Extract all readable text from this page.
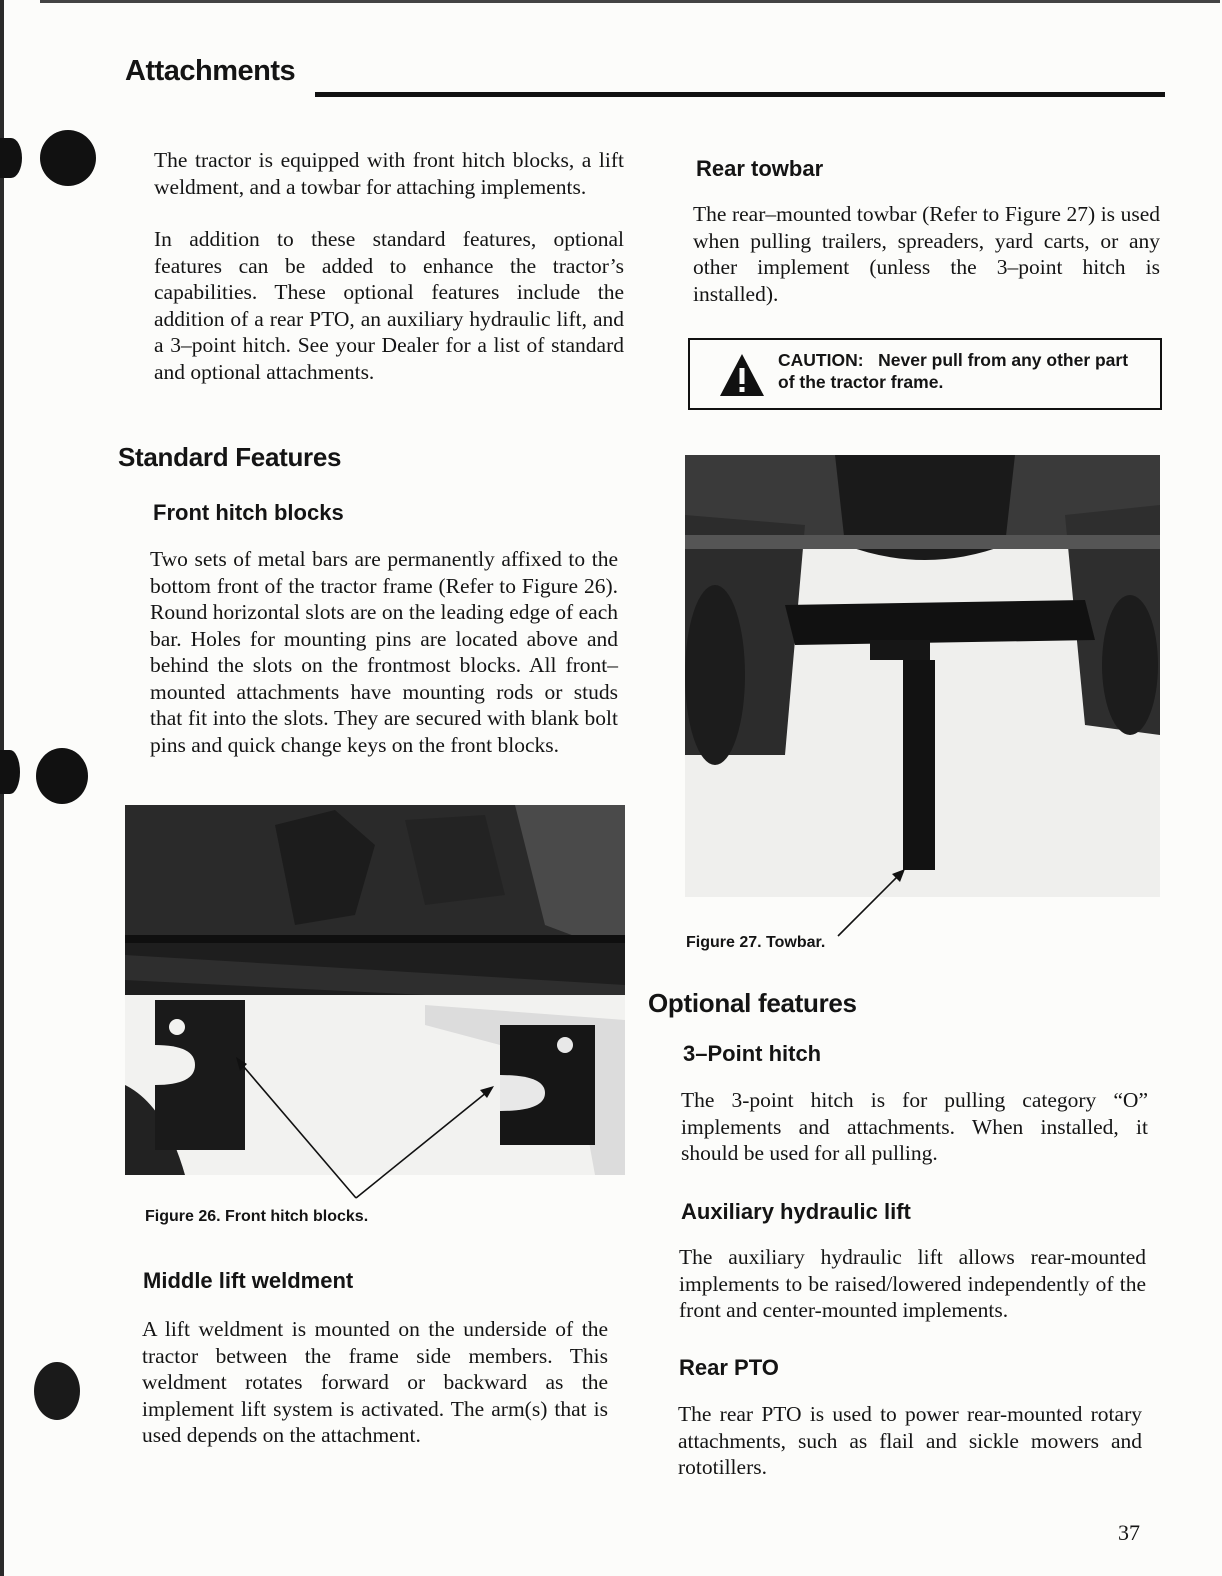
Attachments

The tractor is equipped with front hitch blocks, a lift weldment, and a towbar for attaching implements.

In addition to these standard features, optional features can be added to enhance the tractor’s capabilities. These optional features include the addition of a rear PTO, an auxiliary hydraulic lift, and a 3–point hitch. See your Dealer for a list of standard and optional attachments.

Standard Features
Front hitch blocks

Two sets of metal bars are permanently affixed to the bottom front of the tractor frame (Refer to Figure 26). Round horizontal slots are on the leading edge of each bar. Holes for mounting pins are located above and behind the slots on the frontmost blocks. All front–mounted attachments have mounting rods or studs that fit into the slots. They are secured with blank bolt pins and quick change keys on the front blocks.

Figure 26. Front hitch blocks.
Middle lift weldment

A lift weldment is mounted on the underside of the tractor between the frame side members. This weldment rotates forward or backward as the implement lift system is activated. The arm(s) that is used depends on the attachment.

Rear towbar

The rear–mounted towbar (Refer to Figure 27) is used when pulling trailers, spreaders, yard carts, or any other implement (unless the 3–point hitch is installed).

CAUTION: Never pull from any other part of the tractor frame.
Figure 27. Towbar.
Optional features
3–Point hitch

The 3-point hitch is for pulling category “O” implements and attachments. When installed, it should be used for all pulling.

Auxiliary hydraulic lift

The auxiliary hydraulic lift allows rear-mounted implements to be raised/lowered independently of the front and center-mounted implements.

Rear PTO

The rear PTO is used to power rear-mounted rotary attachments, such as flail and sickle mowers and rototillers.

37
